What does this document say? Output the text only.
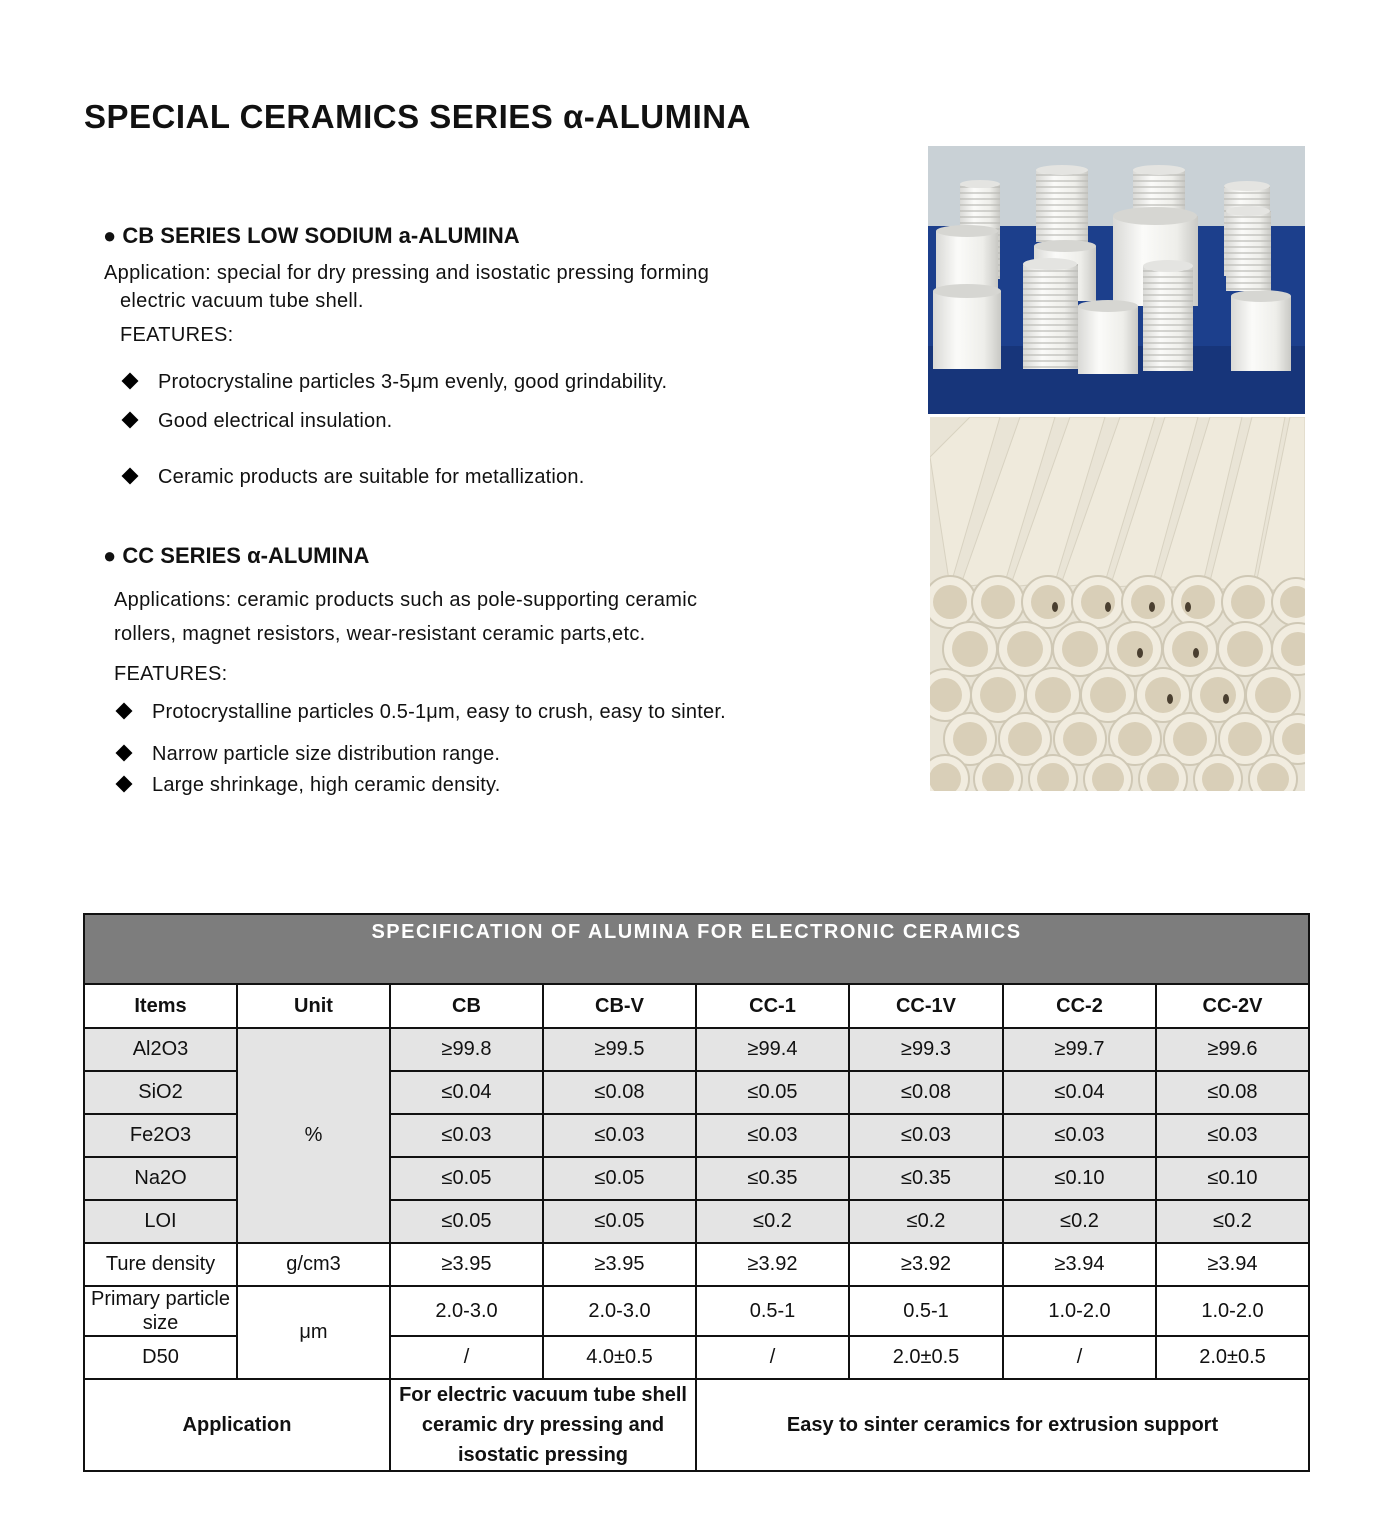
SPECIAL CERAMICS SERIES α-ALUMINA
● CB SERIES LOW SODIUM a-ALUMINA
Application: special for dry pressing and isostatic pressing forming
electric vacuum tube shell.
FEATURES:
Protocrystaline particles 3-5μm evenly, good grindability.
Good electrical insulation.
Ceramic products are suitable for metallization.
● CC SERIES α-ALUMINA
Applications: ceramic products such as pole-supporting ceramic
rollers, magnet resistors, wear-resistant ceramic parts,etc.
FEATURES:
Protocrystalline particles 0.5-1μm, easy to crush, easy to sinter.
Narrow particle size distribution range.
Large shrinkage, high ceramic density.
SPECIFICATION OF ALUMINA FOR ELECTRONIC CERAMICS							
Items	Unit	CB	CB-V	CC-1	CC-1V	CC-2	CC-2V
Al2O3	%	≥99.8	≥99.5	≥99.4	≥99.3	≥99.7	≥99.6
SiO2		≤0.04	≤0.08	≤0.05	≤0.08	≤0.04	≤0.08
Fe2O3		≤0.03	≤0.03	≤0.03	≤0.03	≤0.03	≤0.03
Na2O		≤0.05	≤0.05	≤0.35	≤0.35	≤0.10	≤0.10
LOI		≤0.05	≤0.05	≤0.2	≤0.2	≤0.2	≤0.2
Ture density	g/cm3	≥3.95	≥3.95	≥3.92	≥3.92	≥3.94	≥3.94
Primary particle
size	μm	2.0-3.0	2.0-3.0	0.5-1	0.5-1	1.0-2.0	1.0-2.0
D50		/	4.0±0.5	/	2.0±0.5	/	2.0±0.5
Application		For electric vacuum tube shell
ceramic dry pressing and
isostatic pressing		Easy to sinter ceramics for extrusion support			
